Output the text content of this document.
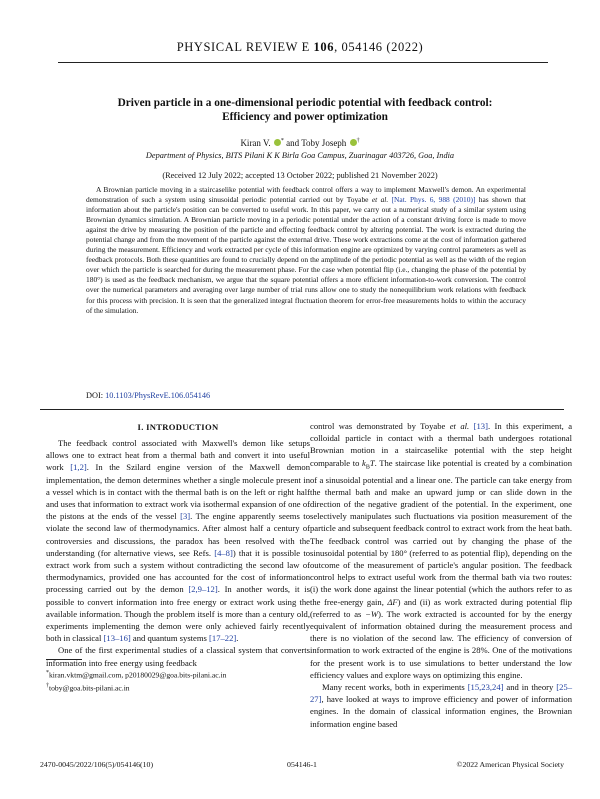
PHYSICAL REVIEW E 106, 054146 (2022)
Driven particle in a one-dimensional periodic potential with feedback control:
Efficiency and power optimization
Kiran V. * and Toby Joseph †
Department of Physics, BITS Pilani K K Birla Goa Campus, Zuarinagar 403726, Goa, India
(Received 12 July 2022; accepted 13 October 2022; published 21 November 2022)

A Brownian particle moving in a staircaselike potential with feedback control offers a way to implement Maxwell's demon. An experimental demonstration of such a system using sinusoidal periodic potential carried out by Toyabe et al. [Nat. Phys. 6, 988 (2010)] has shown that information about the particle's position can be converted to useful work. In this paper, we carry out a numerical study of a similar system using Brownian dynamics simulation. A Brownian particle moving in a periodic potential under the action of a constant driving force is made to move against the drive by measuring the position of the particle and effecting feedback control by altering potential. The work is extracted during the potential change and from the movement of the particle against the external drive. These work extractions come at the cost of information gathered during the measurement. Efficiency and work extracted per cycle of this information engine are optimized by varying control parameters as well as feedback protocols. Both these quantities are found to crucially depend on the amplitude of the periodic potential as well as the width of the region over which the particle is searched for during the measurement phase. For the case when potential flip (i.e., changing the phase of the potential by 180°) is used as the feedback mechanism, we argue that the square potential offers a more efficient information-to-work conversion. The control over the numerical parameters and averaging over large number of trial runs allow one to study the nonequilibrium work relations with feedback for this process with precision. It is seen that the generalized integral fluctuation theorem for error-free measurements holds to within the accuracy of the simulation.

DOI: 10.1103/PhysRevE.106.054146
I. INTRODUCTION

The feedback control associated with Maxwell's demon like setups allows one to extract heat from a thermal bath and convert it into useful work [1,2]. In the Szilard engine version of the Maxwell demon implementation, the demon determines whether a single molecule present in a vessel which is in contact with the thermal bath is on the left or right half and uses that information to extract work via isothermal expansion of one of the pistons at the ends of the vessel [3]. The engine apparently seems to violate the second law of thermodynamics. After almost half a century of controversies and discussions, the paradox has been resolved with the understanding (for alternative views, see Refs. [4–8]) that it is possible to extract work from such a system without contradicting the second law of thermodynamics, provided one has accounted for the cost of information processing carried out by the demon [2,9–12]. In another words, it is possible to convert information into free energy or extract work using the available information. Though the problem itself is more than a century old, experiments implementing the demon were only achieved fairly recently both in classical [13–16] and quantum systems [17–22].

One of the first experimental studies of a classical system that converts information into free energy using feedback

control was demonstrated by Toyabe et al. [13]. In this experiment, a colloidal particle in contact with a thermal bath undergoes rotational Brownian motion in a staircaselike potential with the step height comparable to $k_BT$. The staircase like potential is created by a combination of a sinusoidal potential and a linear one. The particle can take energy from the thermal bath and make an upward jump or can slide down in the direction of the negative gradient of the potential. In the experiment, one selectively manipulates such fluctuations via position measurement of the particle and subsequent feedback control to extract work from the heat bath. The feedback control was carried out by changing the phase of the sinusoidal potential by 180° (referred to as potential flip), depending on the outcome of the measurement of particle's angular position. The feedback control helps to extract useful work from the thermal bath via two routes: (i) the work done against the linear potential (which the authors refer to as the free-energy gain, ΔF) and (ii) as work extracted during potential flip (referred to as −W). The work extracted is accounted for by the energy equivalent of information obtained during the measurement process and there is no violation of the second law. The efficiency of conversion of information to work extracted of the engine is 28%. One of the motivations for the present work is to use simulations to better understand the low efficiency values and explore ways on optimizing this engine.

Many recent works, both in experiments [15,23,24] and in theory [25–27], have looked at ways to improve efficiency and power of information engines. In the domain of classical information engines, the Brownian information engine based

*kiran.vktm@gmail.com, p20180029@goa.bits-pilani.ac.in
†toby@goa.bits-pilani.ac.in
2470-0045/2022/106(5)/054146(10)	054146-1	©2022 American Physical Society
